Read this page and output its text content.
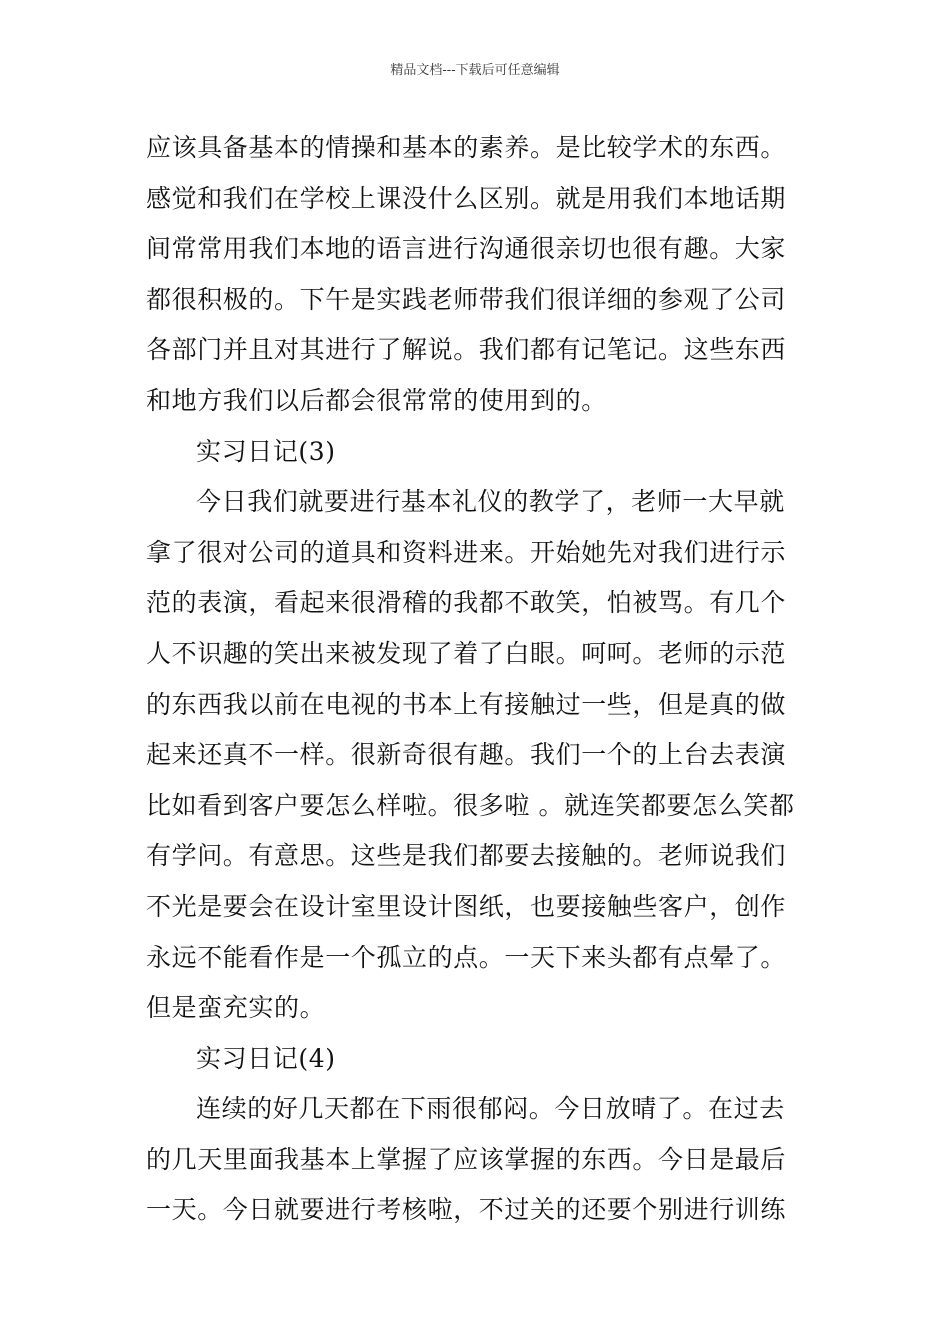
精品文档---下载后可任意编辑
应该具备基本的情操和基本的素养。是比较学术的东西。
感觉和我们在学校上课没什么区别。就是用我们本地话期
间常常用我们本地的语言进行沟通很亲切也很有趣。大家
都很积极的。下午是实践老师带我们很详细的参观了公司
各部门并且对其进行了解说。我们都有记笔记。这些东西
和地方我们以后都会很常常的使用到的。
实习日记(3)
今日我们就要进行基本礼仪的教学了，老师一大早就
拿了很对公司的道具和资料进来。开始她先对我们进行示
范的表演，看起来很滑稽的我都不敢笑，怕被骂。有几个
人不识趣的笑出来被发现了着了白眼。呵呵。老师的示范
的东西我以前在电视的书本上有接触过一些，但是真的做
起来还真不一样。很新奇很有趣。我们一个的上台去表演
比如看到客户要怎么样啦。很多啦 。就连笑都要怎么笑都
有学问。有意思。这些是我们都要去接触的。老师说我们
不光是要会在设计室里设计图纸，也要接触些客户，创作
永远不能看作是一个孤立的点。一天下来头都有点晕了。
但是蛮充实的。
实习日记(4)
连续的好几天都在下雨很郁闷。今日放晴了。在过去
的几天里面我基本上掌握了应该掌握的东西。今日是最后
一天。今日就要进行考核啦，不过关的还要个别进行训练
